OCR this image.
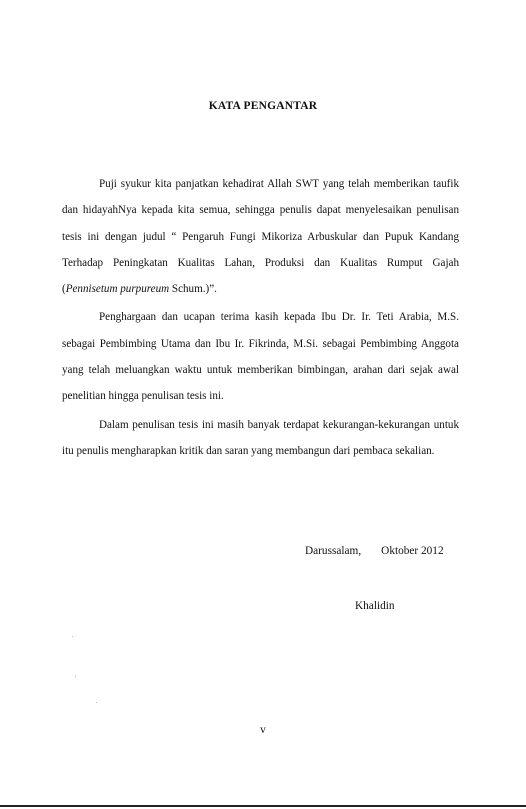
KATA PENGANTAR

Puji syukur kita panjatkan kehadirat Allah SWT yang telah memberikan taufik dan hidayahNya kepada kita semua, sehingga penulis dapat menyelesaikan penulisan tesis ini dengan judul “ Pengaruh Fungi Mikoriza Arbuskular dan Pupuk Kandang Terhadap Peningkatan Kualitas Lahan, Produksi dan Kualitas Rumput Gajah (Pennisetum purpureum Schum.)”.

Penghargaan dan ucapan terima kasih kepada Ibu Dr. Ir. Teti Arabia, M.S. sebagai Pembimbing Utama dan Ibu Ir. Fikrinda, M.Si. sebagai Pembimbing Anggota yang telah meluangkan waktu untuk memberikan bimbingan, arahan dari sejak awal penelitian hingga penulisan tesis ini.

Dalam penulisan tesis ini masih banyak terdapat kekurangan-kekurangan untuk itu penulis mengharapkan kritik dan saran yang membangun dari pembaca sekalian.

Darussalam, Oktober 2012
Khalidin
v
